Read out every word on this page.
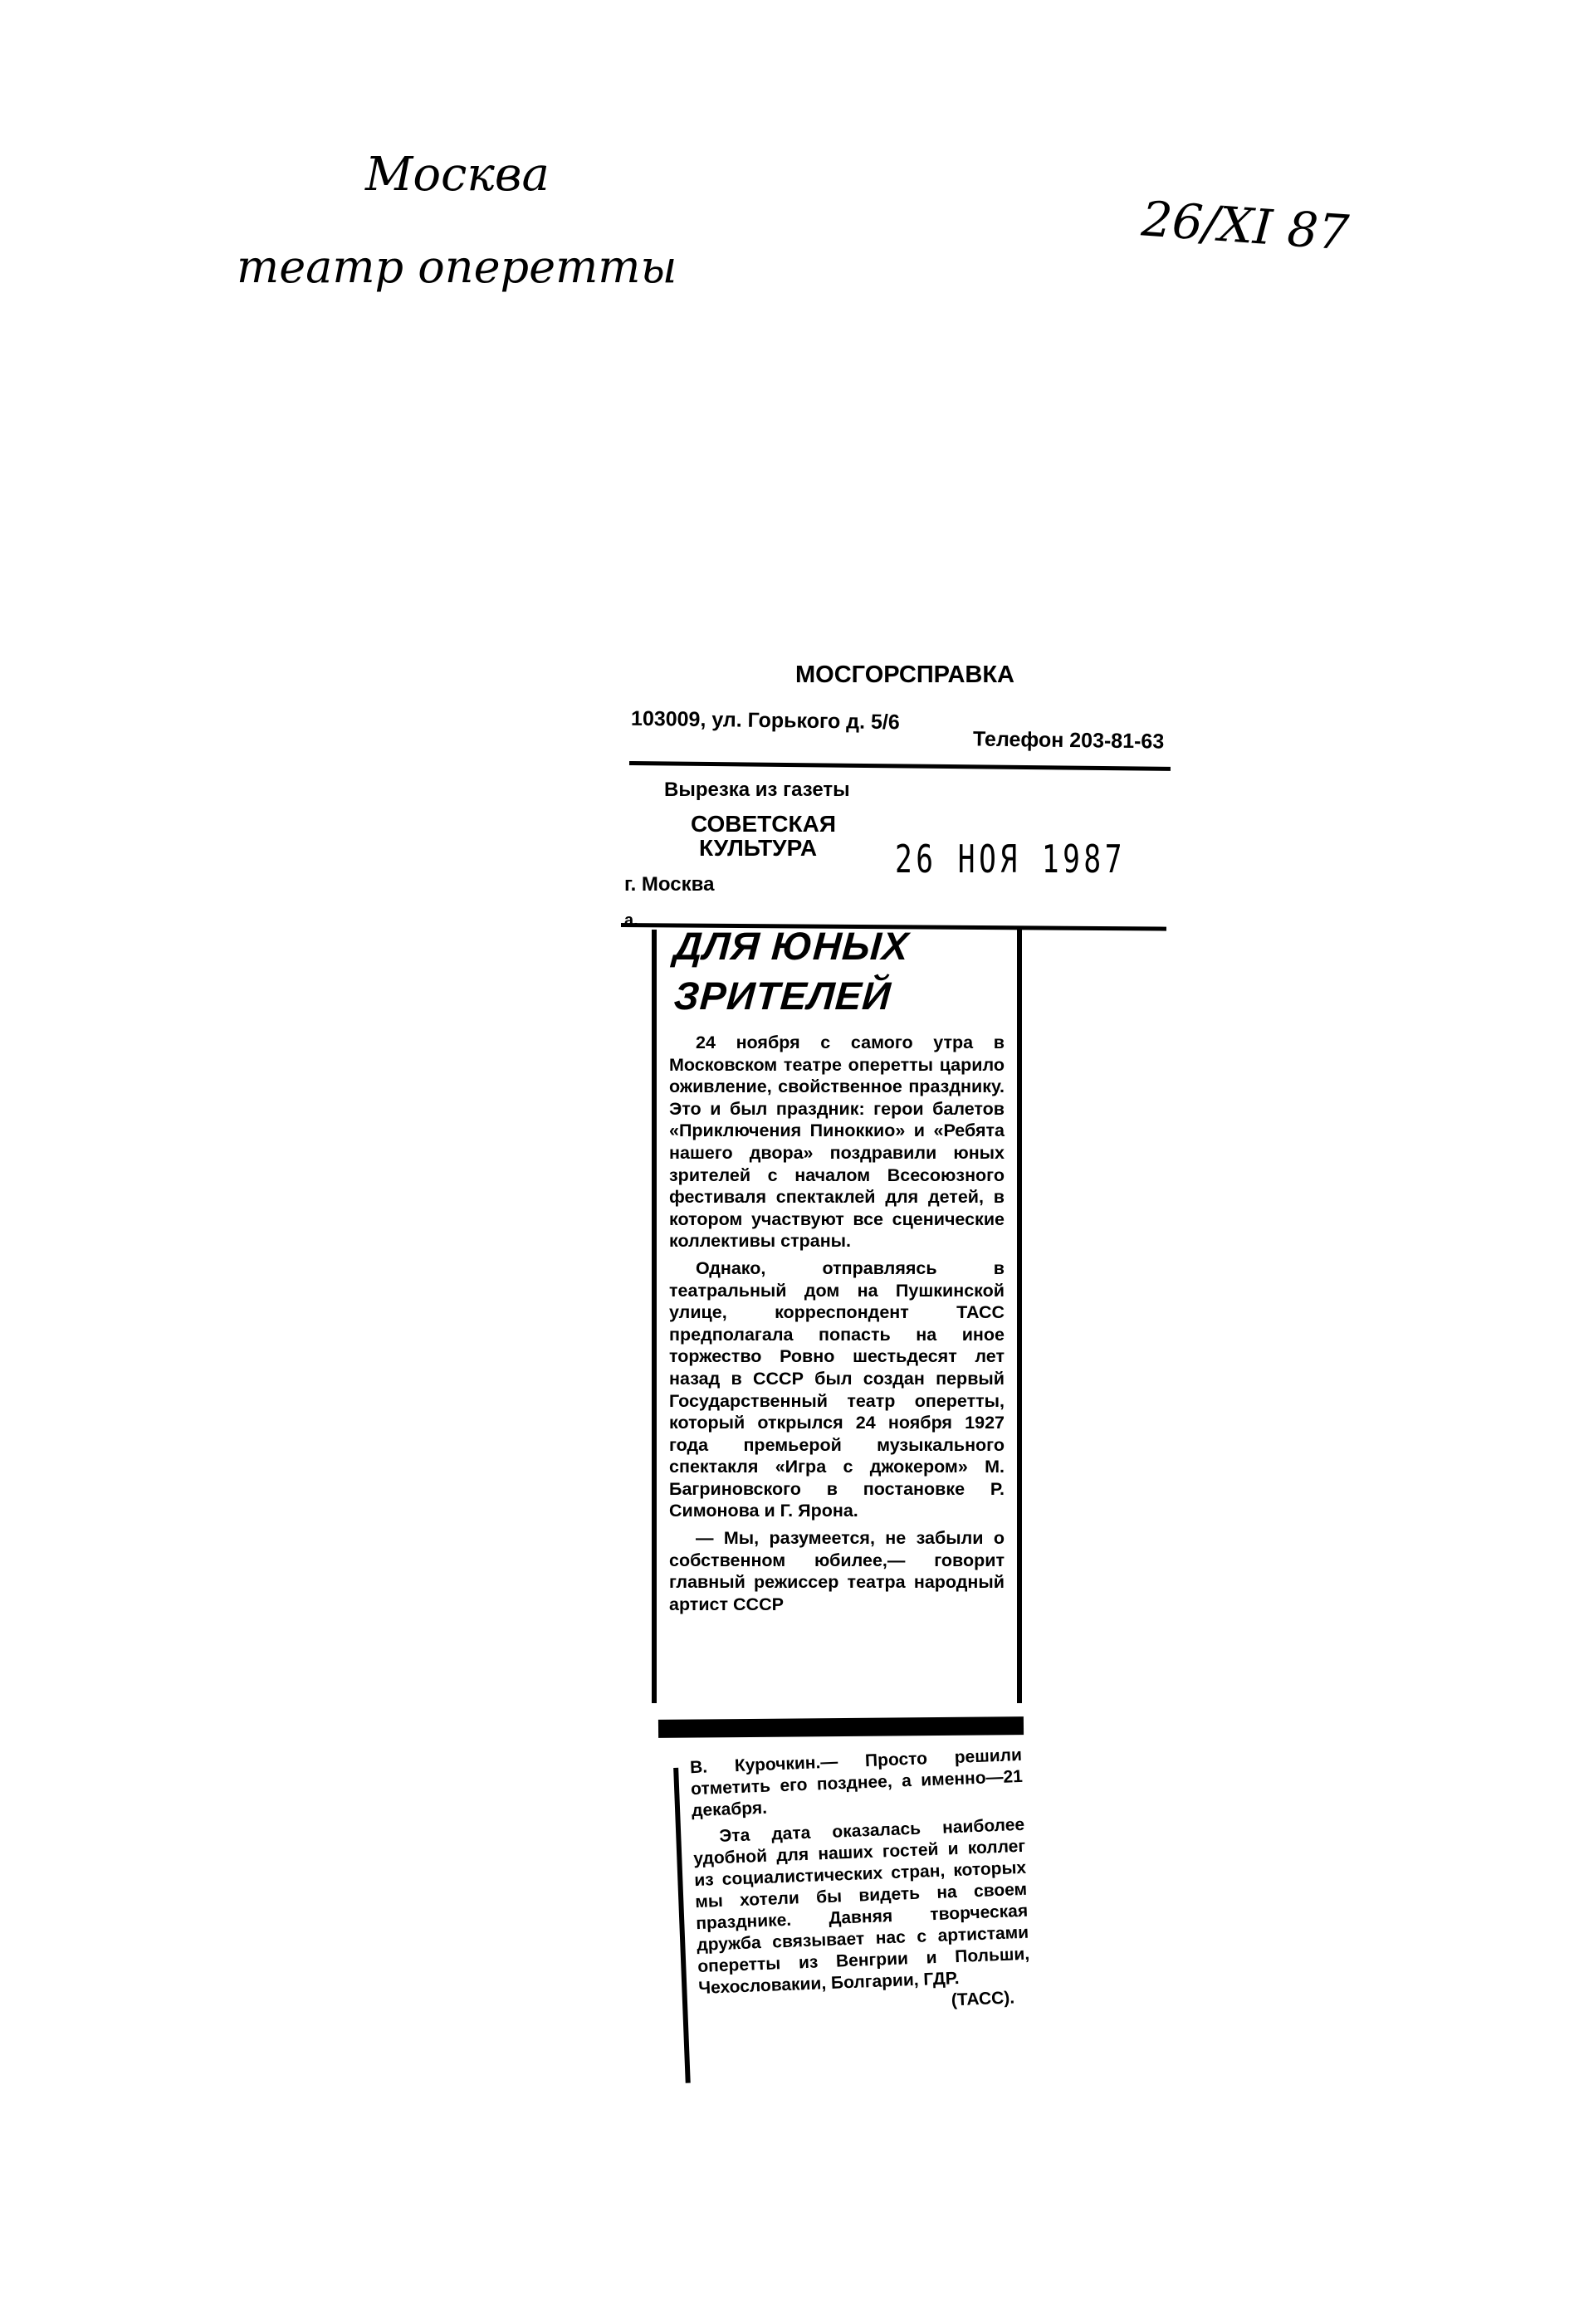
Москва
театр оперетты
26/XI 87
МОСГОРСПРАВКА
103009, ул. Горького д. 5/6
Телефон 203-81-63
Вырезка из газеты
СОВЕТСКАЯ
КУЛЬТУРА
г. Москва
26 НОЯ 1987
a.
ДЛЯ ЮНЫХ
ЗРИТЕЛЕЙ

24 ноября с самого утра в Московском театре оперетты царило оживление, свойственное празднику. Это и был праздник: герои балетов «Приключения Пиноккио» и «Ребята нашего двора» поздравили юных зрителей с началом Всесоюзного фестиваля спектаклей для детей, в котором участвуют все сценические коллективы страны.

Однако, отправляясь в театральный дом на Пушкинской улице, корреспондент ТАСС предполагала попасть на иное торжество Ровно шестьдесят лет назад в СССР был создан первый Государственный театр оперетты, который открылся 24 ноября 1927 года премьерой музыкального спектакля «Игра с джокером» М. Багриновского в постановке Р. Симонова и Г. Ярона.

— Мы, разумеется, не забыли о собственном юбилее,— говорит главный режиссер театра народный артист СССР

В. Курочкин.— Просто решили отметить его позднее, а именно—21 декабря.

Эта дата оказалась наиболее удобной для наших гостей и коллег из социалистических стран, которых мы хотели бы видеть на своем празднике. Давняя творческая дружба связывает нас с артистами оперетты из Венгрии и Польши, Чехословакии, Болгарии, ГДР.

(ТАСС).
